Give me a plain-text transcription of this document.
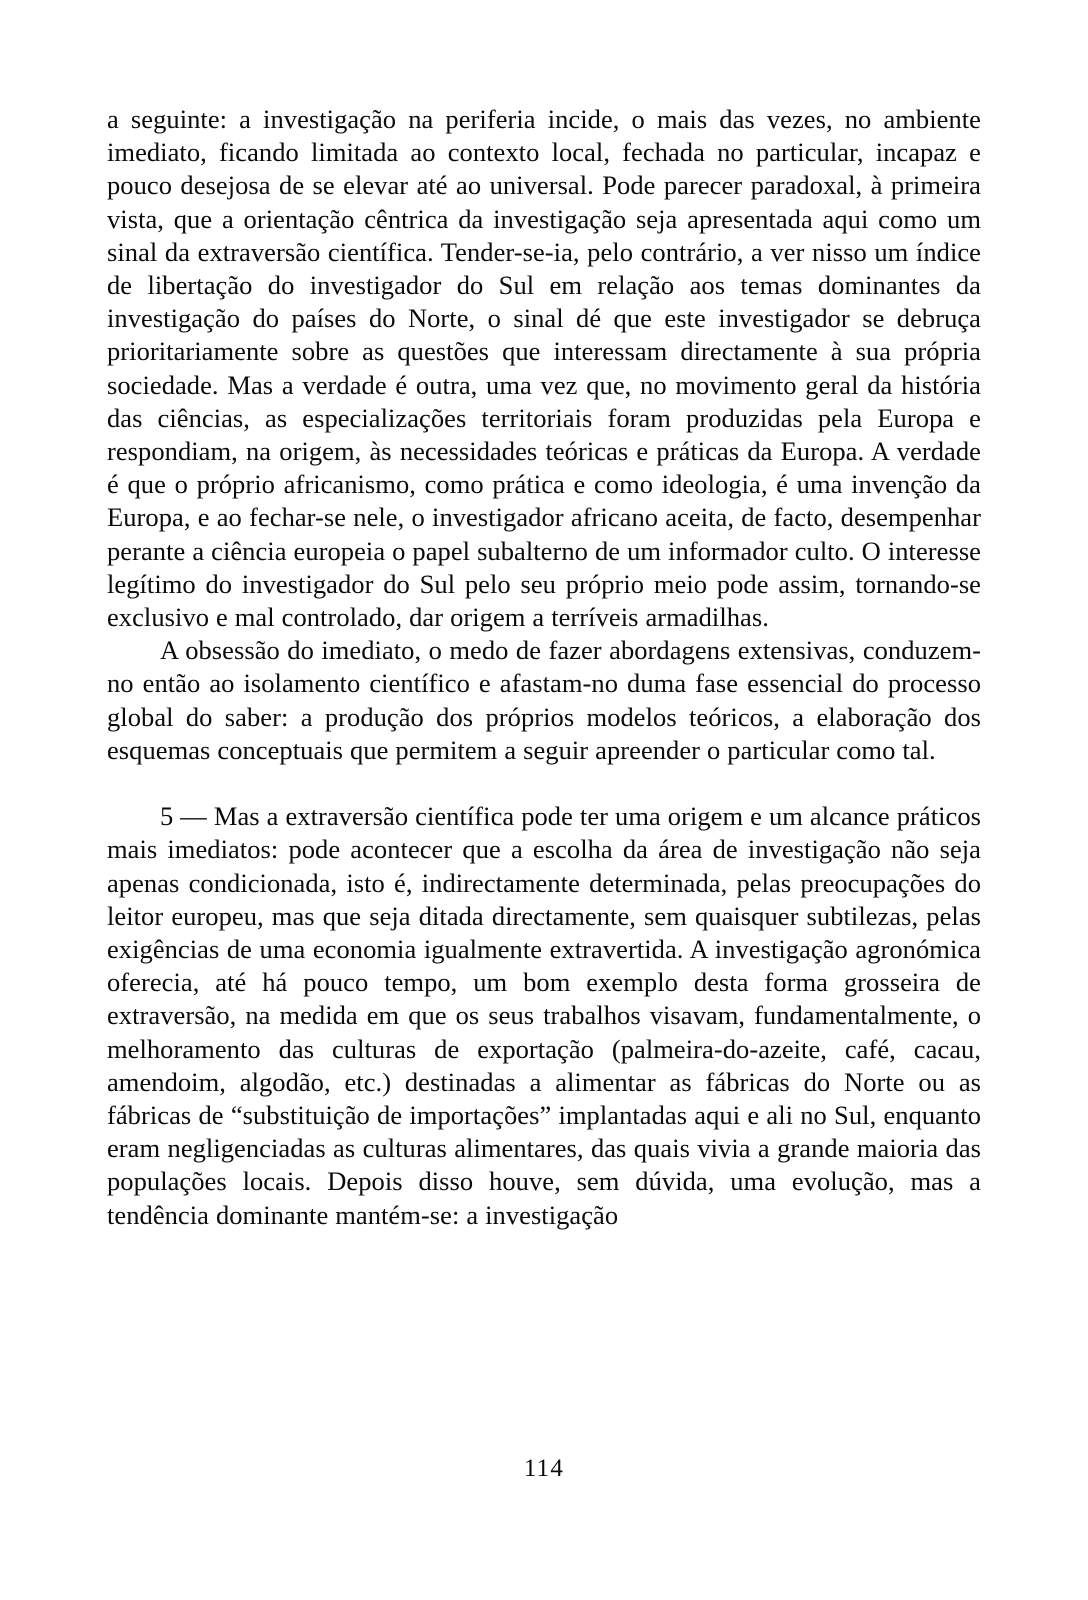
a seguinte: a investigação na periferia incide, o mais das vezes, no ambiente imediato, ficando limitada ao contexto local, fechada no particular, incapaz e pouco desejosa de se elevar até ao universal. Pode parecer paradoxal, à primeira vista, que a orientação cêntrica da investigação seja apresentada aqui como um sinal da extraversão científica. Tender-se-ia, pelo contrário, a ver nisso um índice de libertação do investigador do Sul em relação aos temas dominantes da investigação do países do Norte, o sinal dé que este investigador se debruça prioritariamente sobre as questões que interessam directamente à sua própria sociedade. Mas a verdade é outra, uma vez que, no movimento geral da história das ciências, as especializações territoriais foram produzidas pela Europa e respondiam, na origem, às necessidades teóricas e práticas da Europa. A verdade é que o próprio africanismo, como prática e como ideologia, é uma invenção da Europa, e ao fechar-se nele, o investigador africano aceita, de facto, desempenhar perante a ciência europeia o papel subalterno de um informador culto. O interesse legítimo do investigador do Sul pelo seu próprio meio pode assim, tornando-se exclusivo e mal controlado, dar origem a terríveis armadilhas.

A obsessão do imediato, o medo de fazer abordagens extensivas, conduzem-no então ao isolamento científico e afastam-no duma fase essencial do processo global do saber: a produção dos próprios modelos teóricos, a elaboração dos esquemas conceptuais que permitem a seguir apreender o particular como tal.

5 — Mas a extraversão científica pode ter uma origem e um alcance práticos mais imediatos: pode acontecer que a escolha da área de investigação não seja apenas condicionada, isto é, indirectamente determinada, pelas preocupações do leitor europeu, mas que seja ditada directamente, sem quaisquer subtilezas, pelas exigências de uma economia igualmente extravertida. A investigação agronómica oferecia, até há pouco tempo, um bom exemplo desta forma grosseira de extraversão, na medida em que os seus trabalhos visavam, fundamentalmente, o melhoramento das culturas de exportação (palmeira-do-azeite, café, cacau, amendoim, algodão, etc.) destinadas a alimentar as fábricas do Norte ou as fábricas de “substituição de importações” implantadas aqui e ali no Sul, enquanto eram negligenciadas as culturas alimentares, das quais vivia a grande maioria das populações locais. Depois disso houve, sem dúvida, uma evolução, mas a tendência dominante mantém-se: a investigação

114
